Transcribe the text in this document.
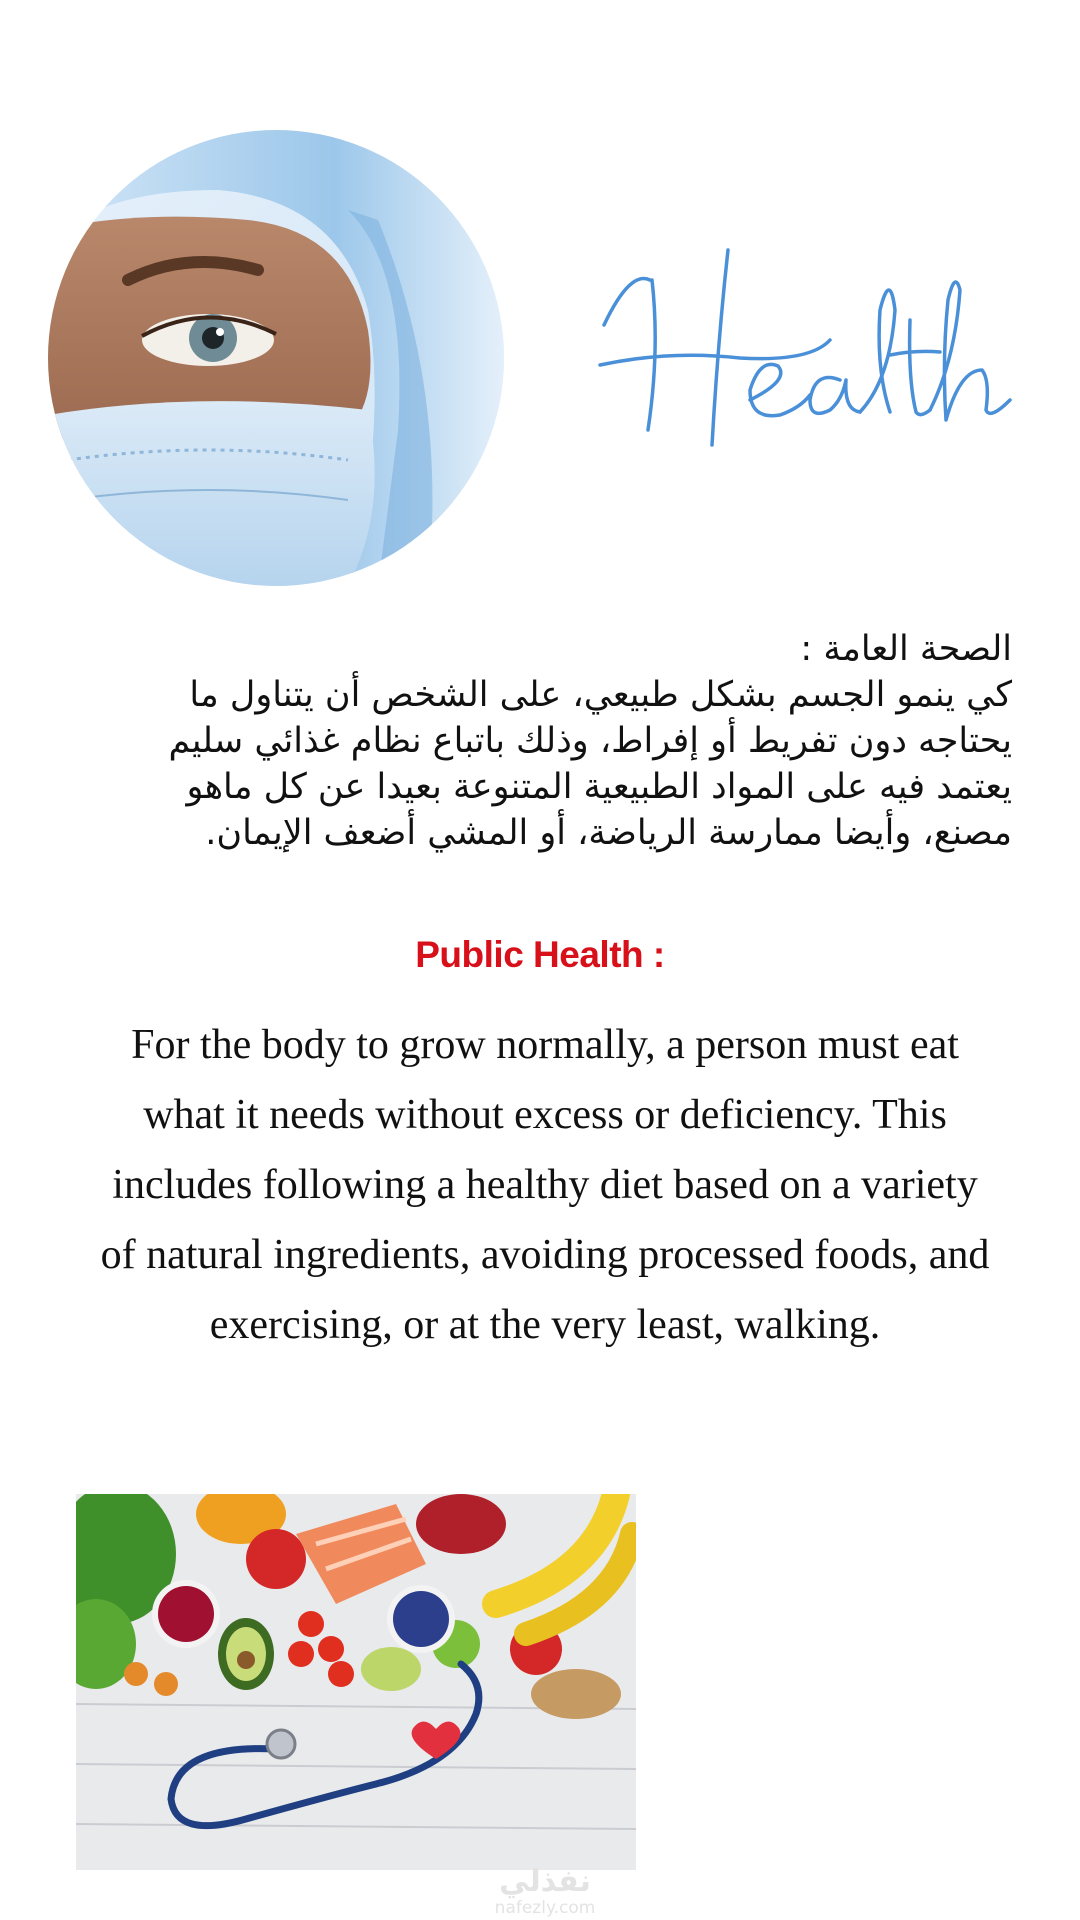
الصحة العامة :
كي ينمو الجسم بشكل طبيعي، على الشخص أن يتناول ما يحتاجه دون تفريط أو إفراط، وذلك باتباع نظام غذائي سليم يعتمد فيه على المواد الطبيعية المتنوعة بعيدا عن كل ماهو مصنع، وأيضا ممارسة الرياضة، أو المشي أضعف الإيمان.
Public Health :
For the body to grow normally, a person must eat what it needs without excess or deficiency. This includes following a healthy diet based on a variety of natural ingredients, avoiding processed foods, and exercising, or at the very least, walking.
نفذلي
nafezly.com
